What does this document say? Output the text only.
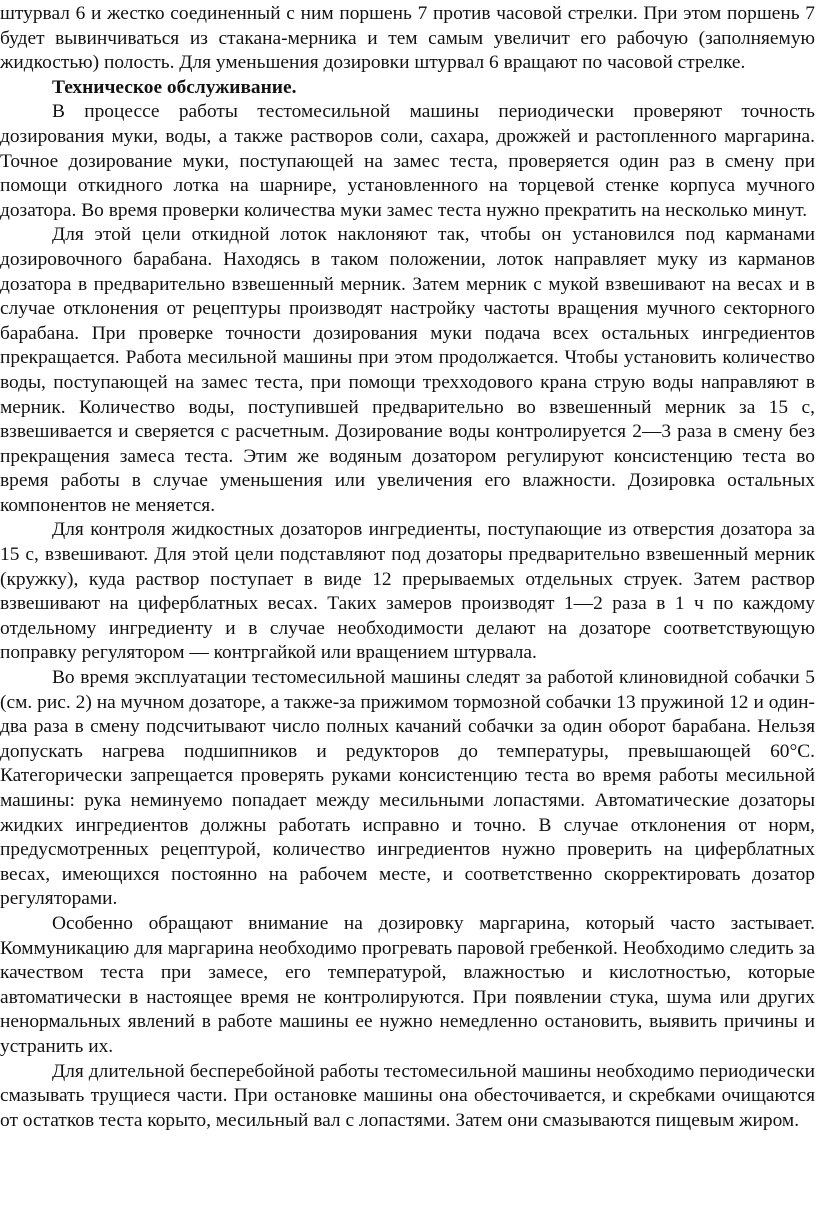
штурвал 6 и жестко соединенный с ним поршень 7 против часовой стрелки. При этом поршень 7 будет вывинчиваться из стакана-мерника и тем самым увеличит его рабочую (заполняемую жидкостью) полость. Для уменьшения дозировки штурвал 6 вращают по часовой стрелке.

Техническое обслуживание.

В процессе работы тестомесильной машины периодически проверяют точность дозирования муки, воды, а также растворов соли, сахара, дрожжей и растопленного маргарина. Точное дозирование муки, поступающей на замес теста, проверяется один раз в смену при помощи откидного лотка на шарнире, установленного на торцевой стенке корпуса мучного дозатора. Во время проверки количества муки замес теста нужно прекратить на несколько минут.

Для этой цели откидной лоток наклоняют так, чтобы он установился под карманами дозировочного барабана. Находясь в таком положении, лоток направляет муку из карманов дозатора в предварительно взвешенный мерник. Затем мерник с мукой взвешивают на весах и в случае отклонения от рецептуры производят настройку частоты вращения мучного секторного барабана. При проверке точности дозирования муки подача всех остальных ингредиентов прекращается. Работа месильной машины при этом продолжается. Чтобы установить количество воды, поступающей на замес теста, при помощи трехходового крана струю воды направляют в мерник. Количество воды, поступившей предварительно во взвешенный мерник за 15 с, взвешивается и сверяется с расчетным. Дозирование воды контролируется 2—3 раза в смену без прекращения замеса теста. Этим же водяным дозатором регулируют консистенцию теста во время работы в случае уменьшения или увеличения его влажности. Дозировка остальных компонентов не меняется.

Для контроля жидкостных дозаторов ингредиенты, поступающие из отверстия дозатора за 15 с, взвешивают. Для этой цели подставляют под дозаторы предварительно взвешенный мерник (кружку), куда раствор поступает в виде 12 прерываемых отдельных струек. Затем раствор взвешивают на циферблатных весах. Таких замеров производят 1—2 раза в 1 ч по каждому отдельному ингредиенту и в случае необходимости делают на дозаторе соответствующую поправку регулятором — контргайкой или вращением штурвала.

Во время эксплуатации тестомесильной машины следят за работой клиновидной собачки 5 (см. рис. 2) на мучном дозаторе, а также-за прижимом тормозной собачки 13 пружиной 12 и один-два раза в смену подсчитывают число полных качаний собачки за один оборот барабана. Нельзя допускать нагрева подшипников и редукторов до температуры, превышающей 60°С. Категорически запрещается проверять руками консистенцию теста во время работы месильной машины: рука неминуемо попадает между месильными лопастями. Автоматические дозаторы жидких ингредиентов должны работать исправно и точно. В случае отклонения от норм, предусмотренных рецептурой, количество ингредиентов нужно проверить на циферблатных весах, имеющихся постоянно на рабочем месте, и соответственно скорректировать дозатор регуляторами.

Особенно обращают внимание на дозировку маргарина, который часто застывает. Коммуникацию для маргарина необходимо прогревать паровой гребенкой. Необходимо следить за качеством теста при замесе, его температурой, влажностью и кислотностью, которые автоматически в настоящее время не контролируются. При появлении стука, шума или других ненормальных явлений в работе машины ее нужно немедленно остановить, выявить причины и устранить их.

Для длительной бесперебойной работы тестомесильной машины необходимо периодически смазывать трущиеся части. При остановке машины она обесточивается, и скребками очищаются от остатков теста корыто, месильный вал с лопастями. Затем они смазываются пищевым жиром.
